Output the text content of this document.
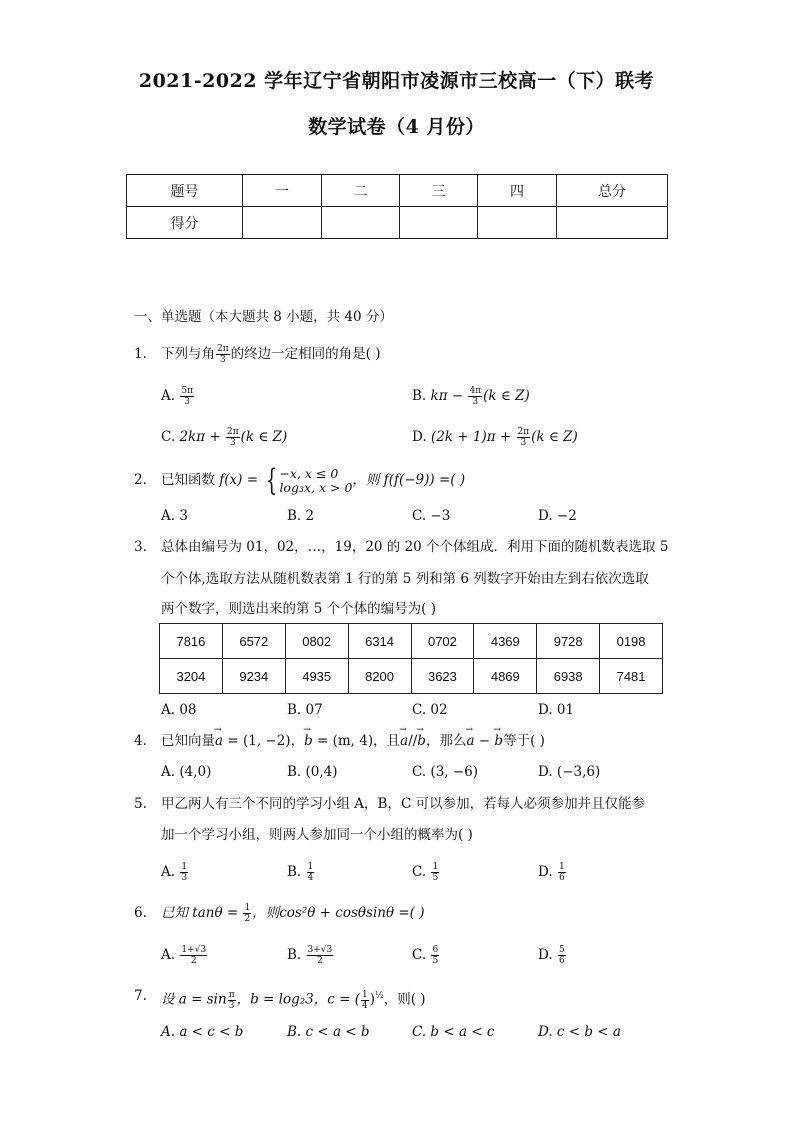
2021-2022 学年辽宁省朝阳市凌源市三校高一（下）联考
数学试卷（4 月份）
题号	一	二	三	四	总分
得分					
一、单选题（本大题共 8 小题，共 40 分）
1. 下列与角 $\frac{2\pi}{3}$ 的终边一定相同的角是( )
A. $\frac{5\pi}{3}$	B. $k\pi - \frac{4\pi}{3} (k$ ∈ Z)
C. $2k\pi + \frac{2\pi}{3} (k$ ∈ Z)	D. $(2k + 1)\pi + \frac{2\pi}{3} (k$ ∈ Z)
2. 已知函数 f(x) = { −x, x ≤ 0
log₃x, x > 0 ，则 f(f(−9)) =( )
A. 3	B. 2	C. −3	D. −2
3. 总体由编号为 01，02，…，19，20 的 20 个个体组成．利用下面的随机数表选取 5
个个体,选取方法从随机数表第 1 行的第 5 列和第 6 列数字开始由左到右依次选取
两个数字，则选出来的第 5 个个体的编号为( )
7816	6572	0802	6314	0702	4369	9728	0198
3204	9234	4935	8200	3623	4869	6938	7481
A. 08	B. 07	C. 02	D. 01
4. 已知向量→ a = (1, −2)，→ b = (m, 4)，且→ a//→ b，那么→ a − → b等于( )
A. (4,0)	B. (0,4)	C. (3, −6)	D. (−3,6)
5. 甲乙两人有三个不同的学习小组 A，B，C 可以参加，若每人必须参加并且仅能参
加一个学习小组，则两人参加同一个小组的概率为( )
A. $\frac{1}{3}$	B. $\frac{1}{4}$	C. $\frac{1}{5}$	D. $\frac{1}{6}$
6. 已知 $\tan\theta = \frac{1}{2}$ ，则cos²θ + cosθsinθ =( )
A. $\frac{1+√3}{2}$	B. $\frac{3+√3}{2}$	C. $\frac{6}{5}$	D. $\frac{5}{6}$
7. 设 $a = \sin \frac{\pi}{3}$ ，b = log₂3，c = ( $\frac{1}{4} )^{\frac{1}{2}}$，则( )
A. a < c < b	B. c < a < b	C. b < a < c	D. c < b < a
